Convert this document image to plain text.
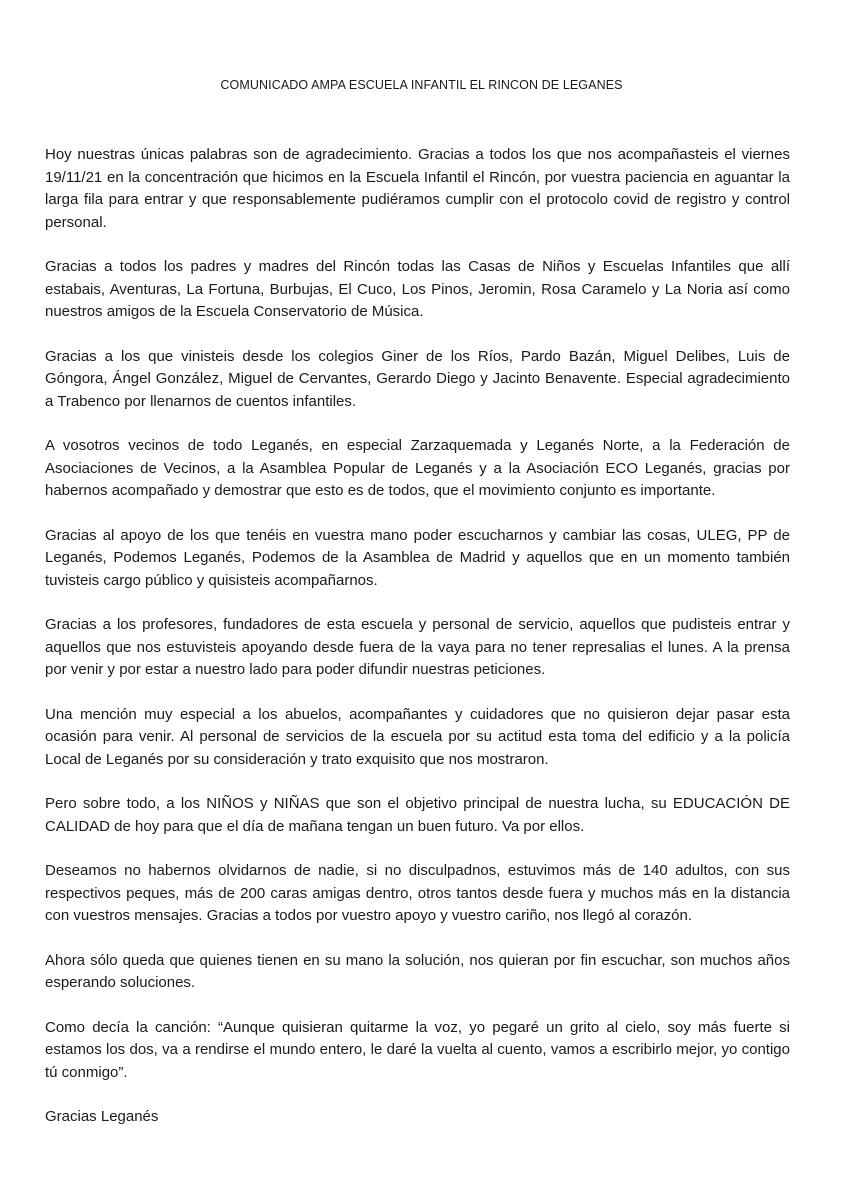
COMUNICADO AMPA ESCUELA INFANTIL EL RINCON DE LEGANES

Hoy nuestras únicas palabras son de agradecimiento. Gracias a todos los que nos acompañasteis el viernes 19/11/21 en la concentración que hicimos en la Escuela Infantil el Rincón, por vuestra paciencia en aguantar la larga fila para entrar y que responsablemente pudiéramos cumplir con el protocolo covid de registro y control personal.

Gracias a todos los padres y madres del Rincón todas las Casas de Niños y Escuelas Infantiles que allí estabais, Aventuras, La Fortuna, Burbujas, El Cuco, Los Pinos, Jeromin, Rosa Caramelo y La Noria así como nuestros amigos de la Escuela Conservatorio de Música.

Gracias a los que vinisteis desde los colegios Giner de los Ríos, Pardo Bazán, Miguel Delibes, Luis de Góngora, Ángel González, Miguel de Cervantes, Gerardo Diego y Jacinto Benavente. Especial agradecimiento a Trabenco por llenarnos de cuentos infantiles.

A vosotros vecinos de todo Leganés, en especial Zarzaquemada y Leganés Norte, a la Federación de Asociaciones de Vecinos, a la Asamblea Popular de Leganés y a la Asociación ECO Leganés, gracias por habernos acompañado y demostrar que esto es de todos, que el movimiento conjunto es importante.

Gracias al apoyo de los que tenéis en vuestra mano poder escucharnos y cambiar las cosas, ULEG, PP de Leganés, Podemos Leganés, Podemos de la Asamblea de Madrid y aquellos que en un momento también tuvisteis cargo público y quisisteis acompañarnos.

Gracias a los profesores, fundadores de esta escuela y personal de servicio, aquellos que pudisteis entrar y aquellos que nos estuvisteis apoyando desde fuera de la vaya para no tener represalias el lunes. A la prensa por venir y por estar a nuestro lado para poder difundir nuestras peticiones.

Una mención muy especial a los abuelos, acompañantes y cuidadores que no quisieron dejar pasar esta ocasión para venir. Al personal de servicios de la escuela por su actitud esta toma del edificio y a la policía Local de Leganés por su consideración y trato exquisito que nos mostraron.

Pero sobre todo, a los NIÑOS y NIÑAS que son el objetivo principal de nuestra lucha, su EDUCACIÓN DE CALIDAD de hoy para que el día de mañana tengan un buen futuro. Va por ellos.

Deseamos no habernos olvidarnos de nadie, si no disculpadnos, estuvimos más de 140 adultos, con sus respectivos peques, más de 200 caras amigas dentro, otros tantos desde fuera y muchos más en la distancia con vuestros mensajes. Gracias a todos por vuestro apoyo y vuestro cariño, nos llegó al corazón.

Ahora sólo queda que quienes tienen en su mano la solución, nos quieran por fin escuchar, son muchos años esperando soluciones.

Como decía la canción: “Aunque quisieran quitarme la voz, yo pegaré un grito al cielo, soy más fuerte si estamos los dos, va a rendirse el mundo entero, le daré la vuelta al cuento, vamos a escribirlo mejor, yo contigo tú conmigo”.

Gracias Leganés
